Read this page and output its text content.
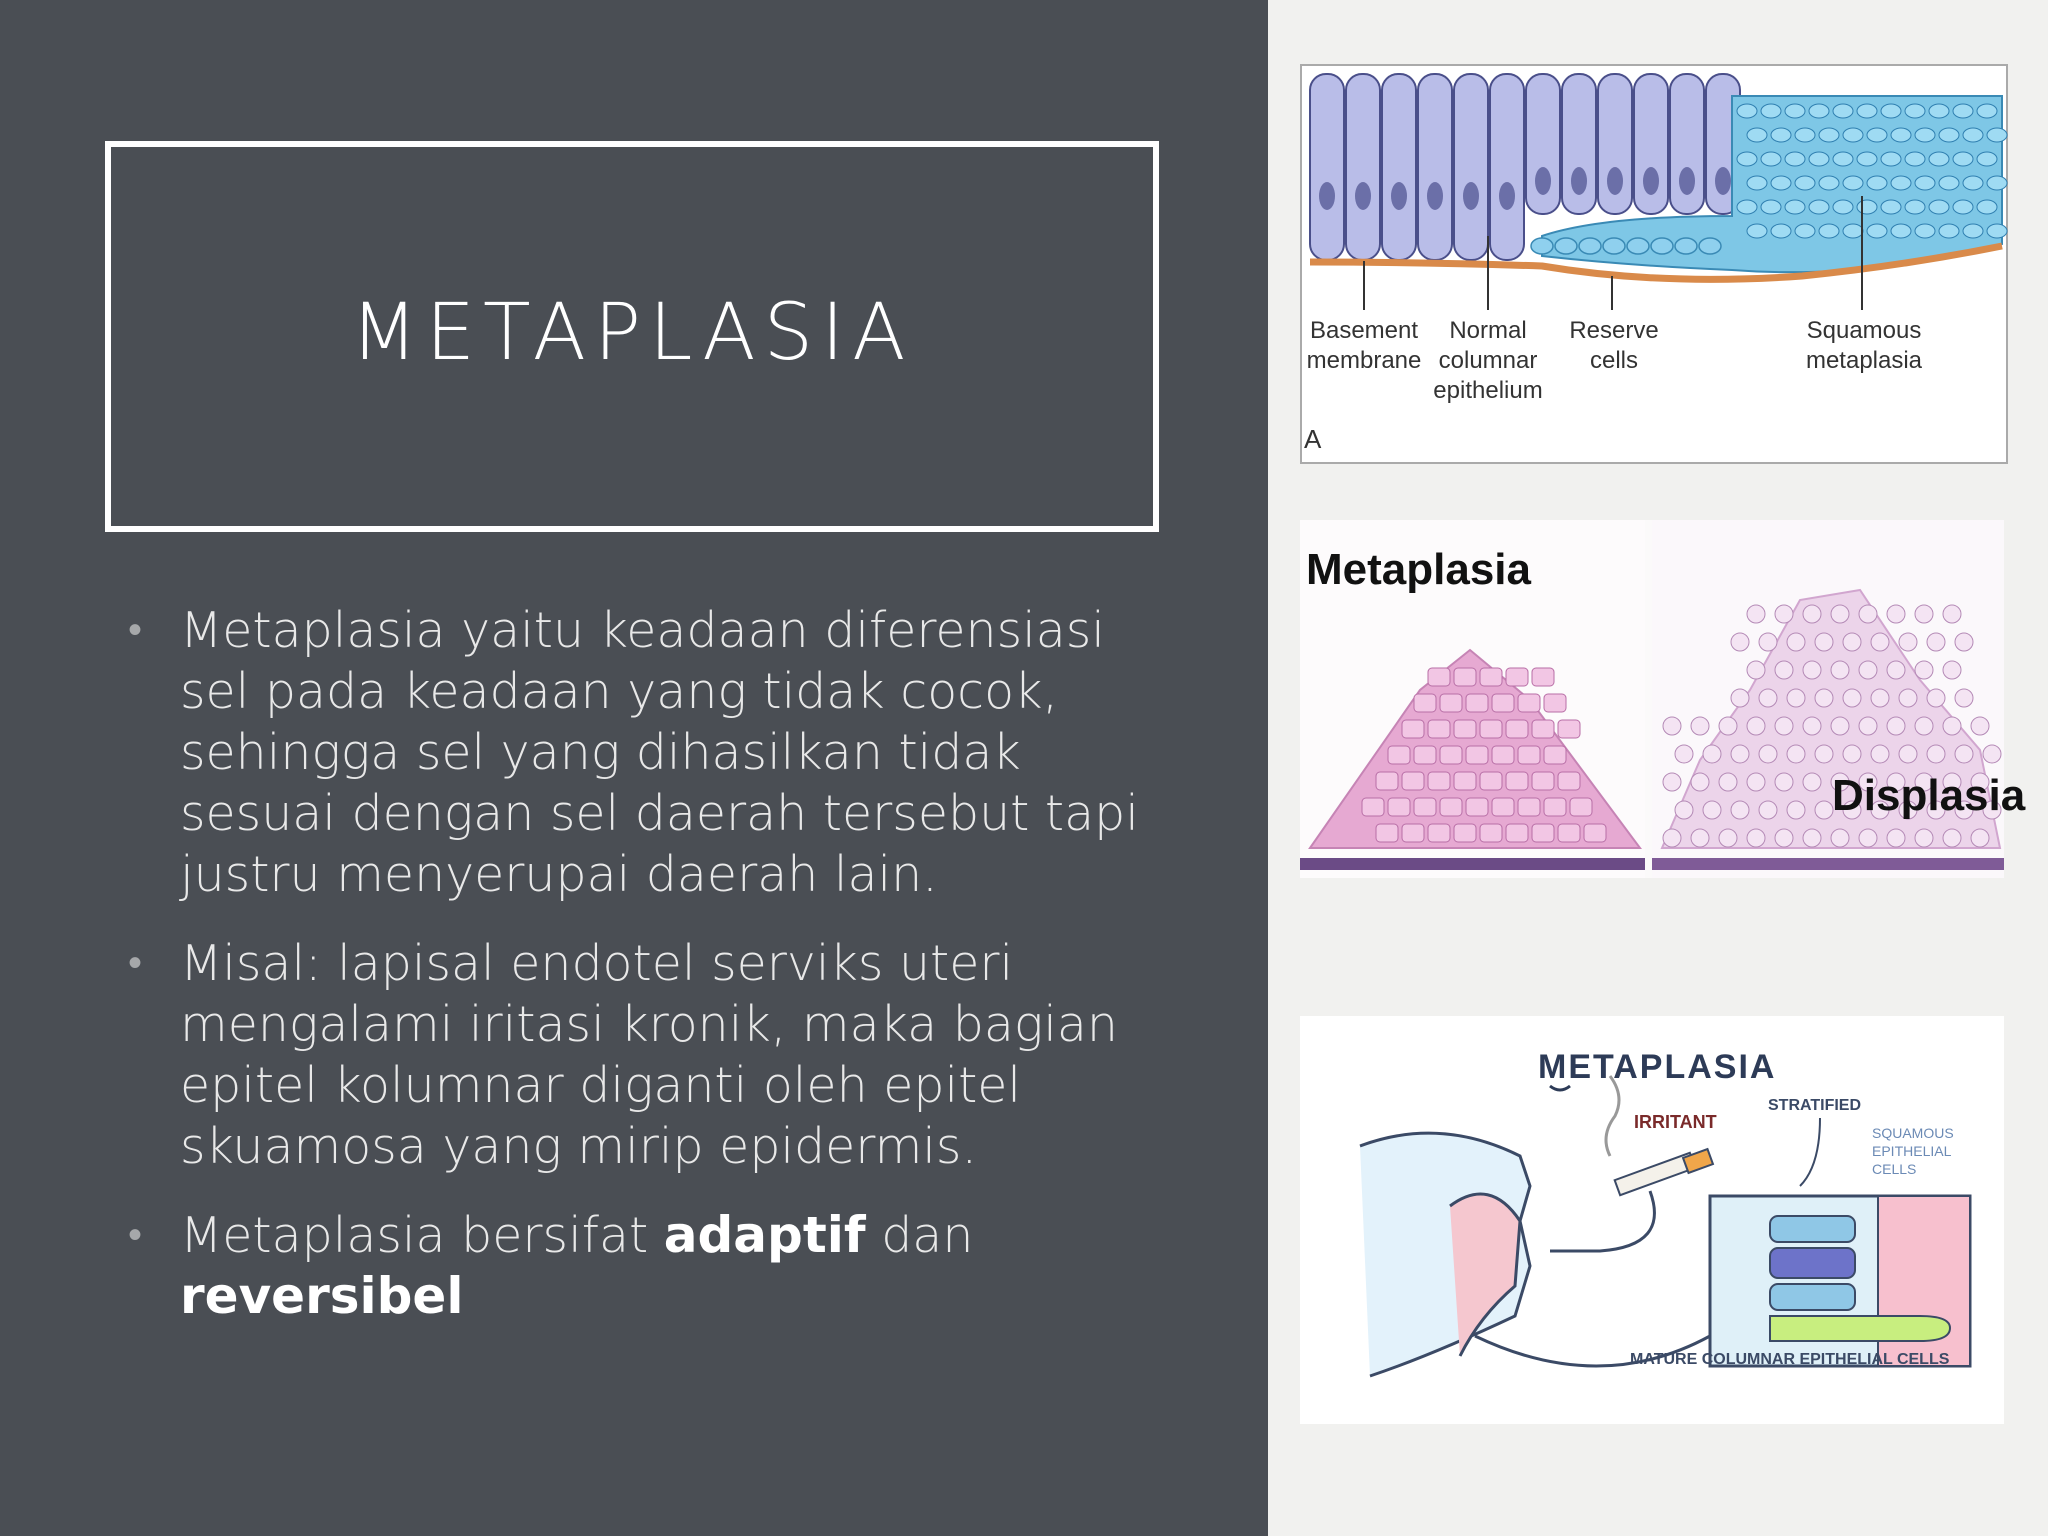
METAPLASIA
• Metaplasia yaitu keadaan diferensiasi sel pada keadaan yang tidak cocok, sehingga sel yang dihasilkan tidak sesuai dengan sel daerah tersebut tapi justru menyerupai daerah lain.
• Misal: lapisal endotel serviks uteri mengalami iritasi kronik, maka bagian epitel kolumnar diganti oleh epitel skuamosa yang mirip epidermis.
• Metaplasia bersifat adaptif dan reversibel
Basement
membrane
Normal
columnar
epithelium
Reserve
cells
Squamous
metaplasia
A
Metaplasia
Displasia
METAPLASIA
IRRITANT
STRATIFIED
SQUAMOUS
EPITHELIAL
CELLS
MATURE COLUMNAR EPITHELIAL CELLS
